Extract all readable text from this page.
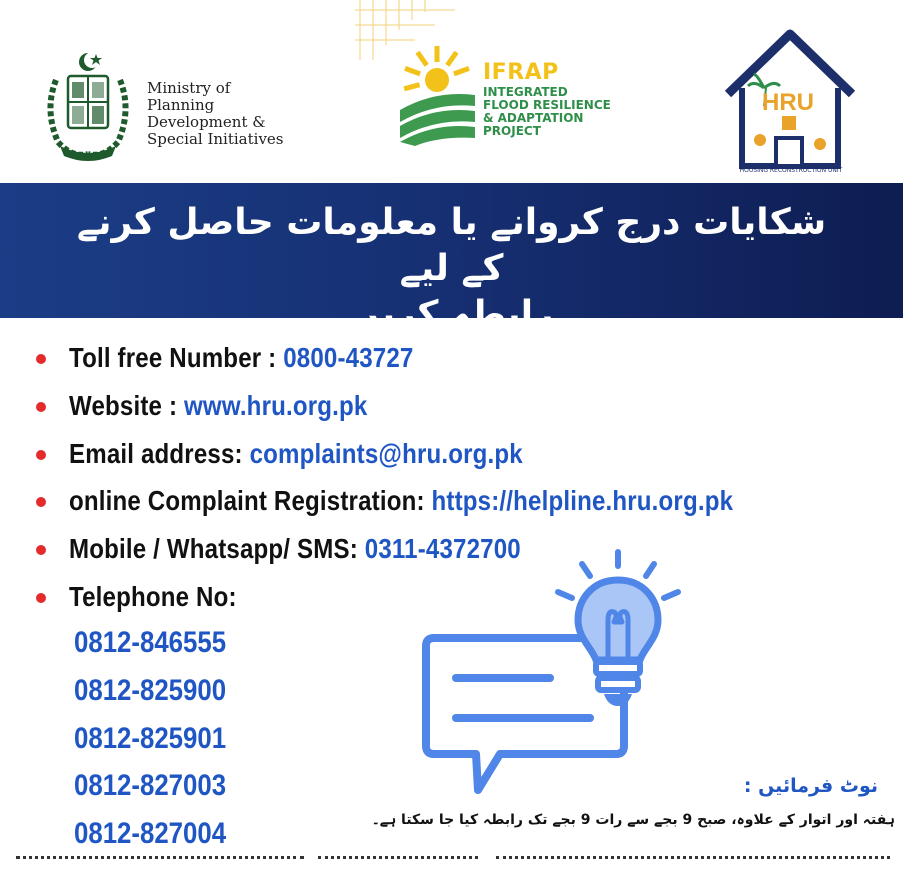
Ministry of
Planning
Development &
Special Initiatives
IFRAP
INTEGRATED
FLOOD RESILIENCE
& ADAPTATION
PROJECT
HRU
HOUSING RECONSTRUCTION UNIT
شکایات درج کروانے یا معلومات حاصل کرنے کے لیے
رابطہ کریں
Toll free Number : 0800-43727
Website : www.hru.org.pk
Email address: complaints@hru.org.pk
online Complaint Registration: https://helpline.hru.org.pk
Mobile / Whatsapp/ SMS: 0311-4372700
Telephone No:
0812-846555
0812-825900
0812-825901
0812-827003
0812-827004
نوٹ فرمائیں :
ہفتہ اور اتوار کے علاوہ، صبح 9 بجے سے رات 9 بجے تک رابطہ کیا جا سکتا ہے۔
